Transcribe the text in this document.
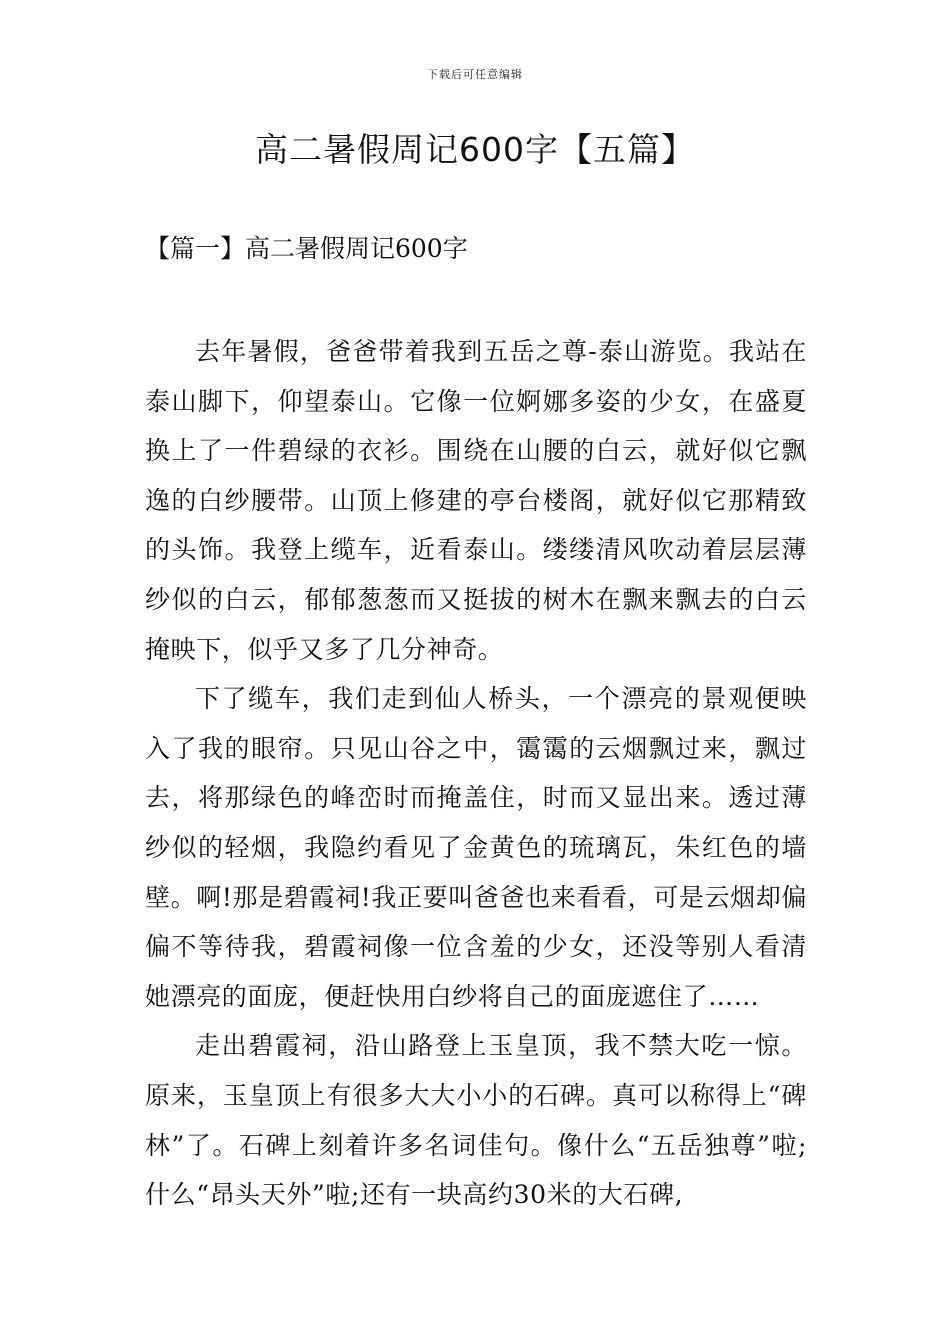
下载后可任意编辑
高二暑假周记600字【五篇】
【篇一】高二暑假周记600字

去年暑假，爸爸带着我到五岳之尊-泰山游览。我站在泰山脚下，仰望泰山。它像一位婀娜多姿的少女，在盛夏换上了一件碧绿的衣衫。围绕在山腰的白云，就好似它飘逸的白纱腰带。山顶上修建的亭台楼阁，就好似它那精致的头饰。我登上缆车，近看泰山。缕缕清风吹动着层层薄纱似的白云，郁郁葱葱而又挺拔的树木在飘来飘去的白云掩映下，似乎又多了几分神奇。

下了缆车，我们走到仙人桥头，一个漂亮的景观便映入了我的眼帘。只见山谷之中，霭霭的云烟飘过来，飘过去，将那绿色的峰峦时而掩盖住，时而又显出来。透过薄纱似的轻烟，我隐约看见了金黄色的琉璃瓦，朱红色的墙壁。啊!那是碧霞祠!我正要叫爸爸也来看看，可是云烟却偏偏不等待我，碧霞祠像一位含羞的少女，还没等别人看清她漂亮的面庞，便赶快用白纱将自己的面庞遮住了……

走出碧霞祠，沿山路登上玉皇顶，我不禁大吃一惊。原来，玉皇顶上有很多大大小小的石碑。真可以称得上“碑林”了。石碑上刻着许多名词佳句。像什么“五岳独尊”啦;什么“昂头天外”啦;还有一块高约30米的大石碑,
